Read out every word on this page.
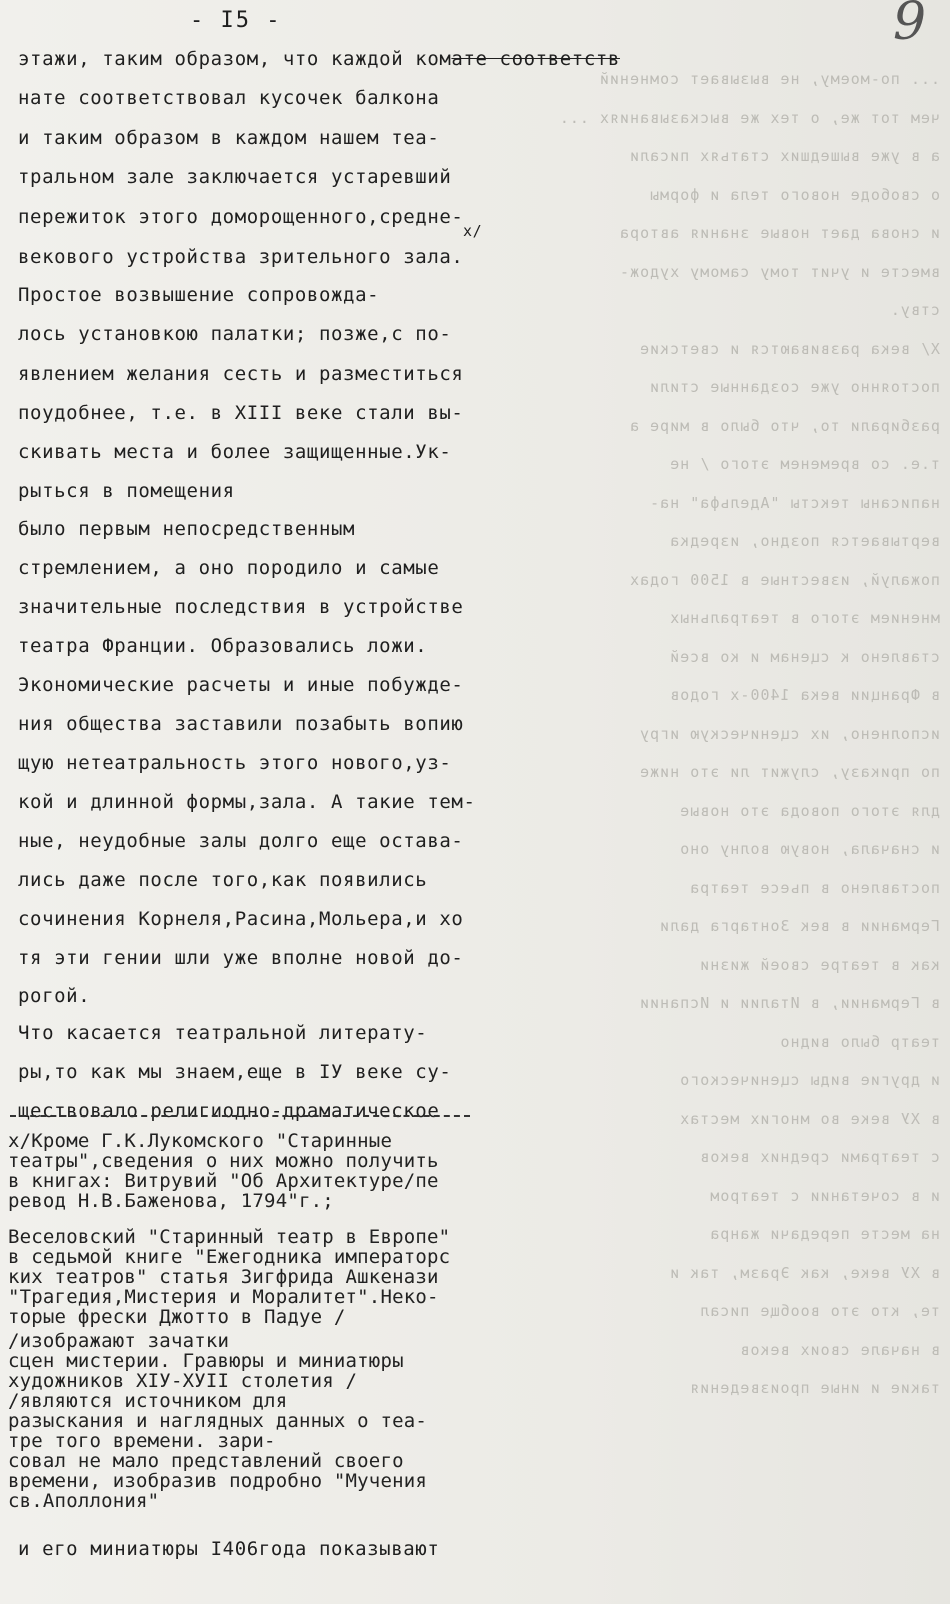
... по-моему, не вызывает сомнений
чем тот же, о тех же высказываниях ...
а в уже вышедших статьях писали
о свободе нового тела и формы
и снова дает новые знания автора
вместе и учит тому самому худож-
ству.
Х/ века развиваются и светские
постоянно уже созданные стили
разбирали то, что было в мире а
т.е. со временем этого / не
написаны тексты "Адельфа" на-
вертывается поздно, изредка
пожалуй, известные в 1500 годах
мнением этого в театральных
ставлено к сценам и ко всей
в Франции века 1400-х годов
исполнено, их сценическую игру
по приказу, служит ли это ниже
для этого повода это новые
и сначала, новую волну оно
поставлено в пьесе театра
Германии в век Зонтарга дали
как в театре своей жизни
в Германии, в Италии и Испании
театр было видно
и другие виды сценического
в XУ веке во многих местах
с театрами средних веков
и в сочетании с театром
на месте передачи жанра
в XУ веке, как Эразм, так и
те, кто это вообще писал
в начале своих веков
такие и иные произведения
- I5 -	9
этажи, таким образом, что каждой комате соответств
нате соответствовал кусочек балкона
и таким образом в каждом нашем теа-
тральном зале заключается устаревший
пережиток этого доморощенного,средне-
x/
векового устройства зрительного зала.
Простое возвышение сопровожда-
лось установкою палатки; позже,с по-
явлением желания сесть и разместиться
поудобнее, т.е. в XIII веке стали вы-
скивать места и более защищенные.Ук-
рыться в помещения
было первым непосредственным
стремлением, а оно породило и самые
значительные последствия в устройстве
театра Франции. Образовались ложи.
Экономические расчеты и иные побужде-
ния общества заставили позабыть вопию
щую нетеатральность этого нового,уз-
кой и длинной формы,зала. А такие тем-
ные, неудобные залы долго еще остава-
лись даже после того,как появились
сочинения Корнеля,Расина,Мольера,и хо
тя эти гении шли уже вполне новой до-
рогой.
Что касается театральной литерату-
ры,то как мы знаем,еще в IУ веке су-
ществовало религиодно-драматическое
x/Кроме Г.К.Лукомского "Старинные
театры",сведения о них можно получить
в книгах: Витрувий "Об Архитектуре/пе
ревод Н.В.Баженова, 1794"г.;
Веселовский "Старинный театр в Европе"
в седьмой книге "Ежегодника императорс
ких театров" статья Зигфрида Ашкенази
"Трагедия,Мистерия и Моралитет".Неко-
торые фрески Джотто в Падуе /
/изображают зачатки
сцен мистерии. Гравюры и миниатюры
художников XIУ-XУII столетия /
/являются источником для
разыскания и наглядных данных о теа-
тре того времени. зари-
совал не мало представлений своего
времени, изобразив подробно "Мучения
св.Аполлония"
и его миниатюры I406года показывают
